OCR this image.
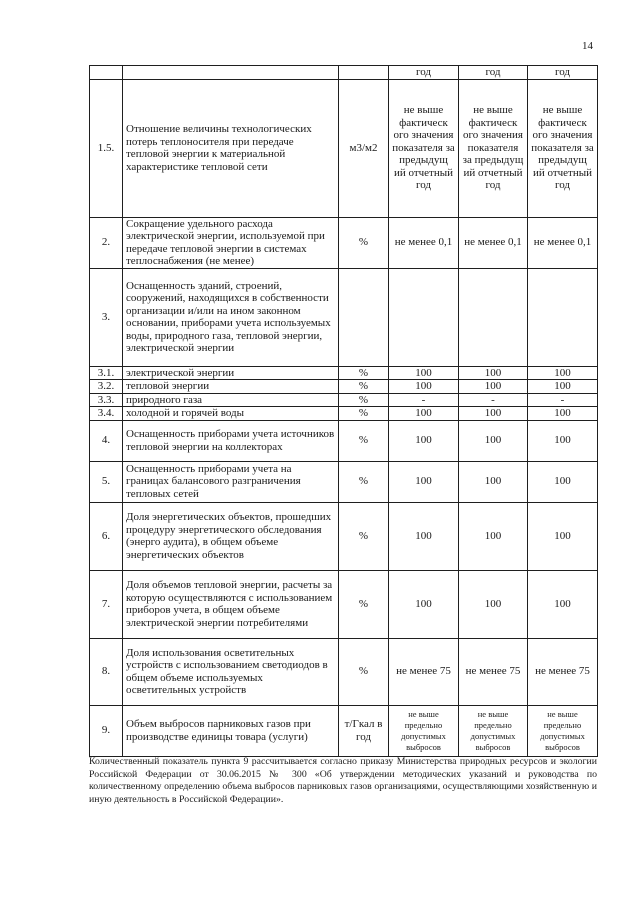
14
			год	год	год
1.5.	Отношение величины технологических потерь теплоносителя при передаче тепловой энергии к материальной характеристике тепловой сети	м3/м2	не выше фактическ ого значения показателя за предыдущ ий отчетный год	не выше фактическ ого значения показателя за предыдущ ий отчетный год	не выше фактическ ого значения показателя за предыдущ ий отчетный год
2.	Сокращение удельного расхода электрической энергии, используемой при передаче тепловой энергии в системах теплоснабжения (не менее)	%	не менее 0,1	не менее 0,1	не менее 0,1
3.	Оснащенность зданий, строений, сооружений, находящихся в собственности организации и/или на ином законном основании, приборами учета используемых воды, природного газа, тепловой энергии, электрической энергии				
3.1.	электрической энергии	%	100	100	100
3.2.	тепловой энергии	%	100	100	100
3.3.	природного газа	%	-	-	-
3.4.	холодной и горячей воды	%	100	100	100
4.	Оснащенность приборами учета источников тепловой энергии на коллекторах	%	100	100	100
5.	Оснащенность приборами учета на границах балансового разграничения тепловых сетей	%	100	100	100
6.	Доля энергетических объектов, прошедших процедуру энергетического обследования (энерго аудита), в общем объеме энергетических объектов	%	100	100	100
7.	Доля объемов тепловой энергии, расчеты за которую осуществляются с использованием приборов учета, в общем объеме электрической энергии потребителями	%	100	100	100
8.	Доля использования осветительных устройств с использованием светодиодов в общем объеме используемых осветительных устройств	%	не менее 75	не менее 75	не менее 75
9.	Объем выбросов парниковых газов при производстве единицы товара (услуги)	т/Гкал в год	не выше предельно допустимых выбросов	не выше предельно допустимых выбросов	не выше предельно допустимых выбросов
Количественный показатель пункта 9 рассчитывается согласно приказу Министерства природных ресурсов и экологии Российской Федерации от 30.06.2015 № 300 «Об утверждении методических указаний и руководства по количественному определению объема выбросов парниковых газов организациями, осуществляющими хозяйственную и иную деятельность в Российской Федерации».
